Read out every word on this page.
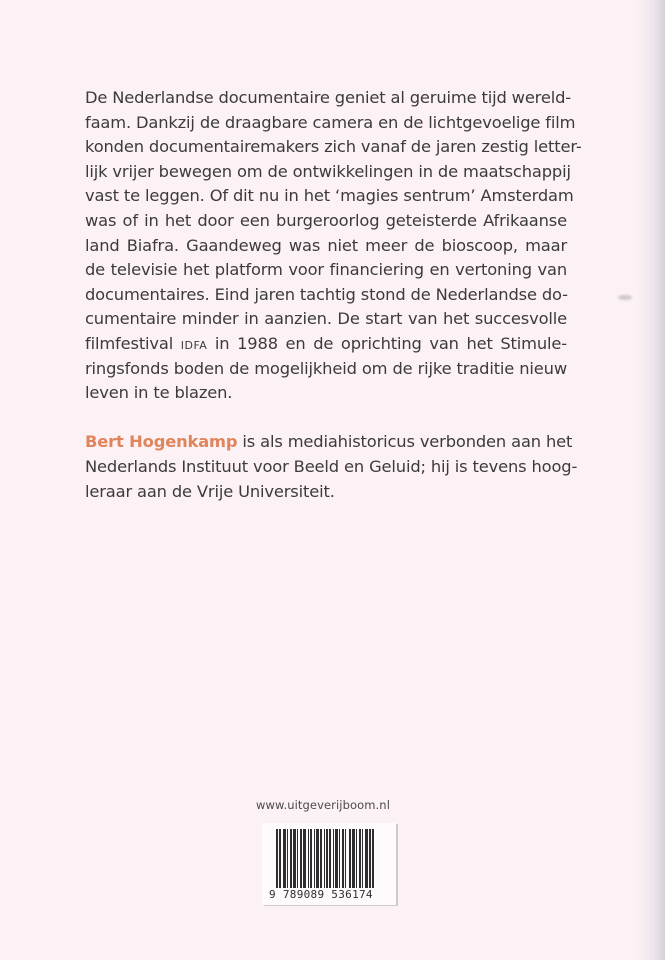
De Nederlandse documentaire geniet al geruime tijd wereld-
faam. Dankzij de draagbare camera en de lichtgevoelige film
konden documentairemakers zich vanaf de jaren zestig letter-
lijk vrijer bewegen om de ontwikkelingen in de maatschappij
vast te leggen. Of dit nu in het ‘magies sentrum’ Amsterdam
was of in het door een burgeroorlog geteisterde Afrikaanse
land Biafra. Gaandeweg was niet meer de bioscoop, maar
de televisie het platform voor financiering en vertoning van
documentaires. Eind jaren tachtig stond de Nederlandse do-
cumentaire minder in aanzien. De start van het succesvolle
filmfestival idfa in 1988 en de oprichting van het Stimule-
ringsfonds boden de mogelijkheid om de rijke traditie nieuw
leven in te blazen.

Bert Hogenkamp is als mediahistoricus verbonden aan het
Nederlands Instituut voor Beeld en Geluid; hij is tevens hoog-
leraar aan de Vrije Universiteit.

www.uitgeverijboom.nl
9 789089 536174
